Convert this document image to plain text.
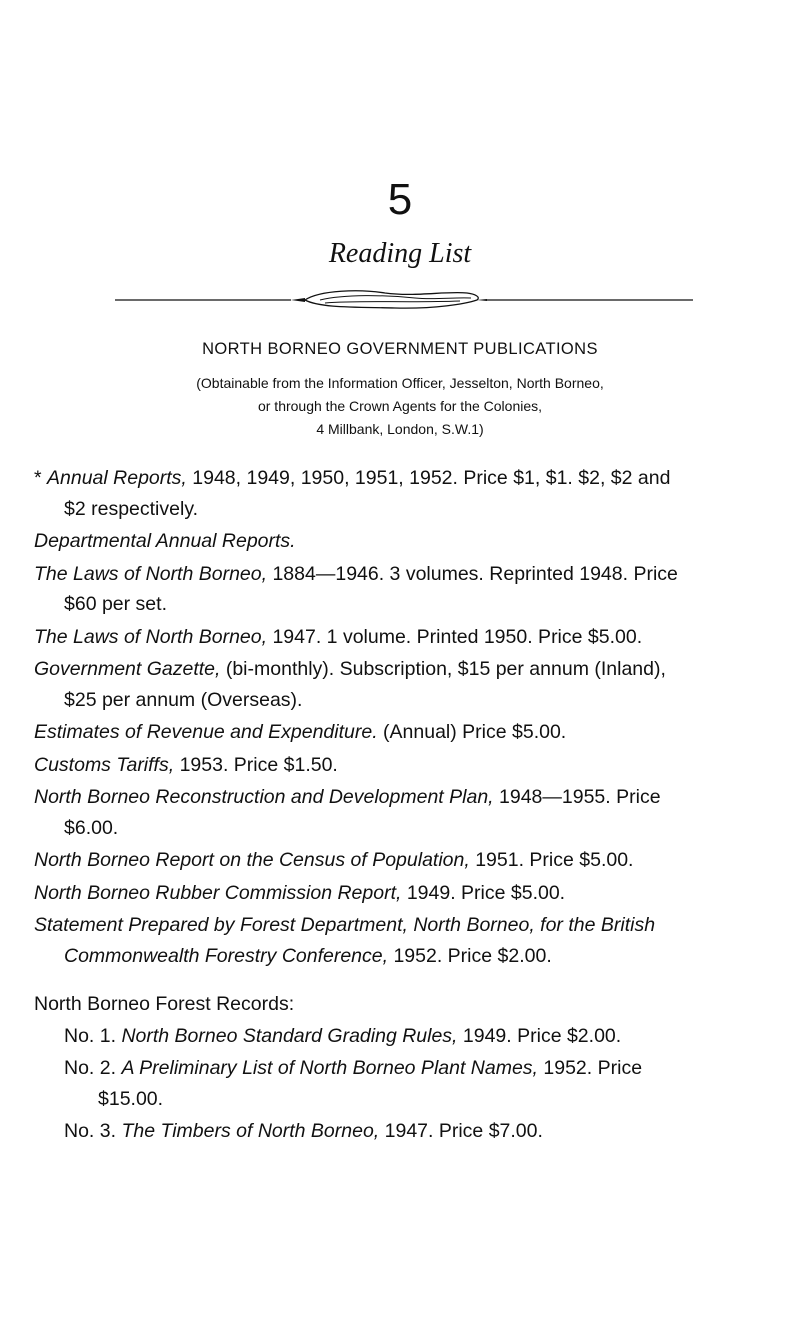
5
Reading List
NORTH BORNEO GOVERNMENT PUBLICATIONS
(Obtainable from the Information Officer, Jesselton, North Borneo,
or through the Crown Agents for the Colonies,
4 Millbank, London, S.W.1)
* Annual Reports, 1948, 1949, 1950, 1951, 1952. Price $1, $1. $2, $2 and $2 respectively.
Departmental Annual Reports.
The Laws of North Borneo, 1884—1946. 3 volumes. Reprinted 1948. Price $60 per set.
The Laws of North Borneo, 1947. 1 volume. Printed 1950. Price $5.00.
Government Gazette, (bi-monthly). Subscription, $15 per annum (Inland), $25 per annum (Overseas).
Estimates of Revenue and Expenditure. (Annual) Price $5.00.
Customs Tariffs, 1953. Price $1.50.
North Borneo Reconstruction and Development Plan, 1948—1955. Price $6.00.
North Borneo Report on the Census of Population, 1951. Price $5.00.
North Borneo Rubber Commission Report, 1949. Price $5.00.
Statement Prepared by Forest Department, North Borneo, for the British Commonwealth Forestry Conference, 1952. Price $2.00.
North Borneo Forest Records:
No. 1. North Borneo Standard Grading Rules, 1949. Price $2.00.
No. 2. A Preliminary List of North Borneo Plant Names, 1952. Price $15.00.
No. 3. The Timbers of North Borneo, 1947. Price $7.00.
